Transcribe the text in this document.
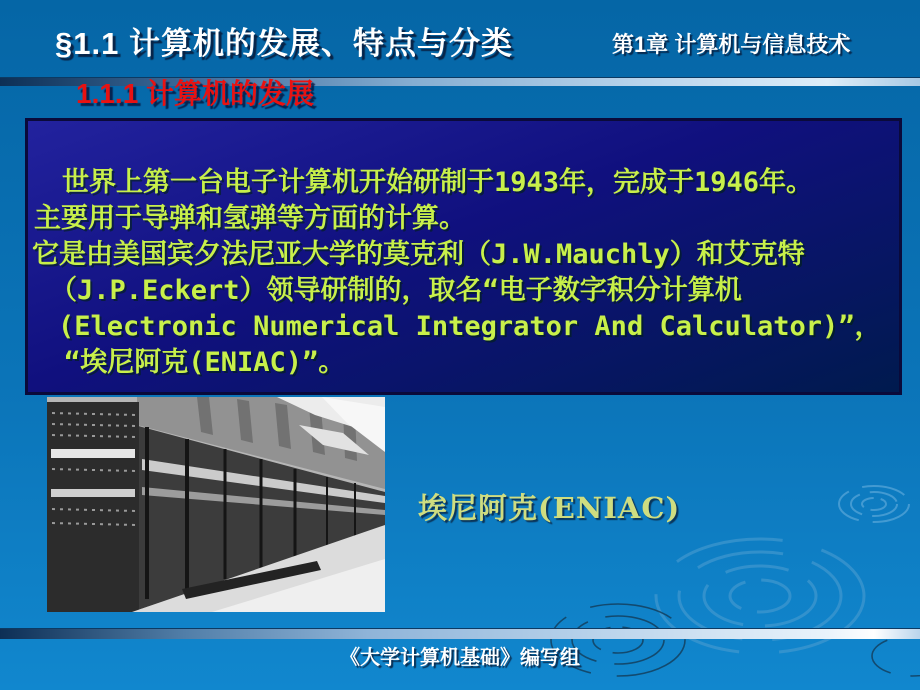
§1.1 计算机的发展、特点与分类	第1章 计算机与信息技术
1.1.1 计算机的发展
世界上第一台电子计算机开始研制于1943年，完成于1946年。
主要用于导弹和氢弹等方面的计算。
它是由美国宾夕法尼亚大学的莫克利（J.W.Mauchly）和艾克特
（J.P.Eckert）领导研制的，取名“电子数字积分计算机
(Electronic Numerical Integrator And Calculator)”，
“埃尼阿克(ENIAC)”。
埃尼阿克(ENIAC)
《大学计算机基础》编写组
